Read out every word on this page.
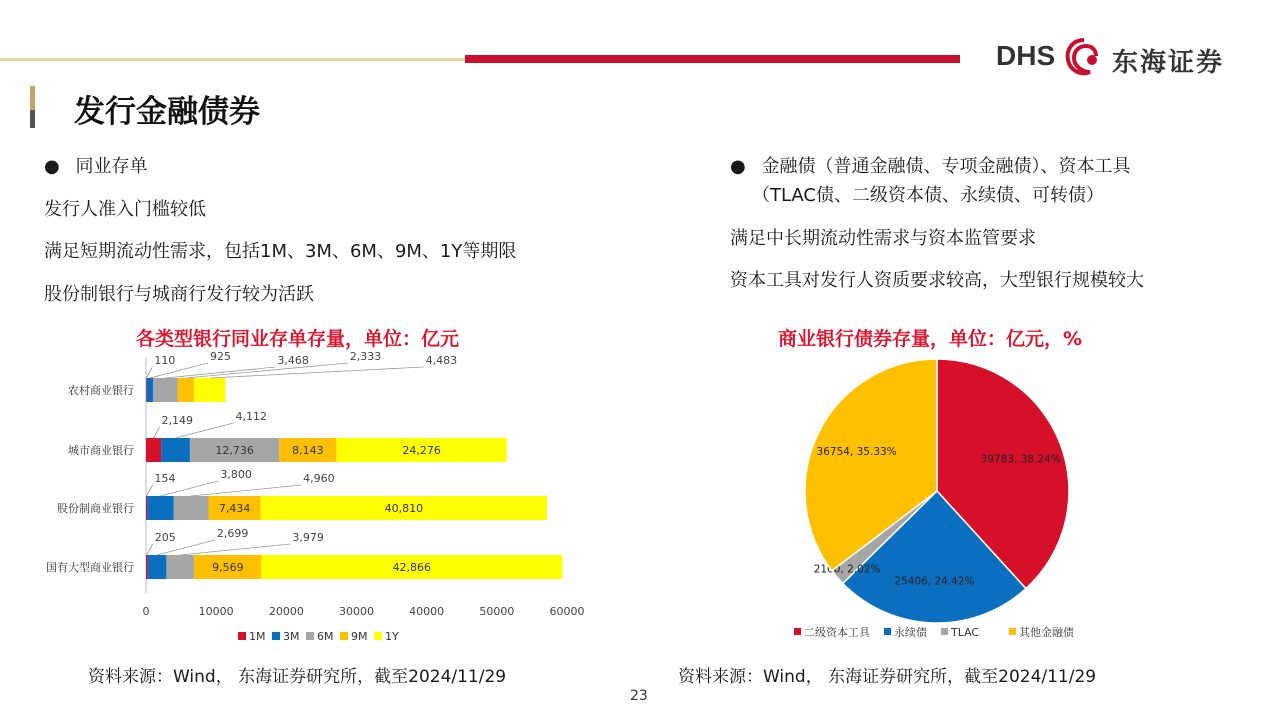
DHS 东海证券
发行金融债券
● 同业存单
发行人准入门槛较低
满足短期流动性需求，包括1M、3M、6M、9M、1Y等期限
股份制银行与城商行发行较为活跃
● 金融债（普通金融债、专项金融债）、资本工具
（TLAC债、二级资本债、永续债、可转债）
满足中长期流动性需求与资本监管要求
资本工具对发行人资质要求较高，大型银行规模较大
各类型银行同业存单存量，单位：亿元	商业银行债券存量，单位：亿元，%
0	10000	20000	30000	40000	50000	60000
农村商业银行
110	925	3,468	2,333	4,483
城市商业银行
2,149	4,112
12,736	8,143	24,276
股份制商业银行
154	3,800	4,960
7,434	40,810
国有大型商业银行
205	2,699	3,979
9,569	42,866
1M 3M 6M 9M 1Y
39783, 38.24%
25406, 24.42%
2100, 2.02%
36754, 35.33%
二级资本工具 永续债 TLAC	其他金融债
资料来源：Wind， 东海证券研究所，截至2024/11/29	资料来源：Wind， 东海证券研究所，截至2024/11/29
23
